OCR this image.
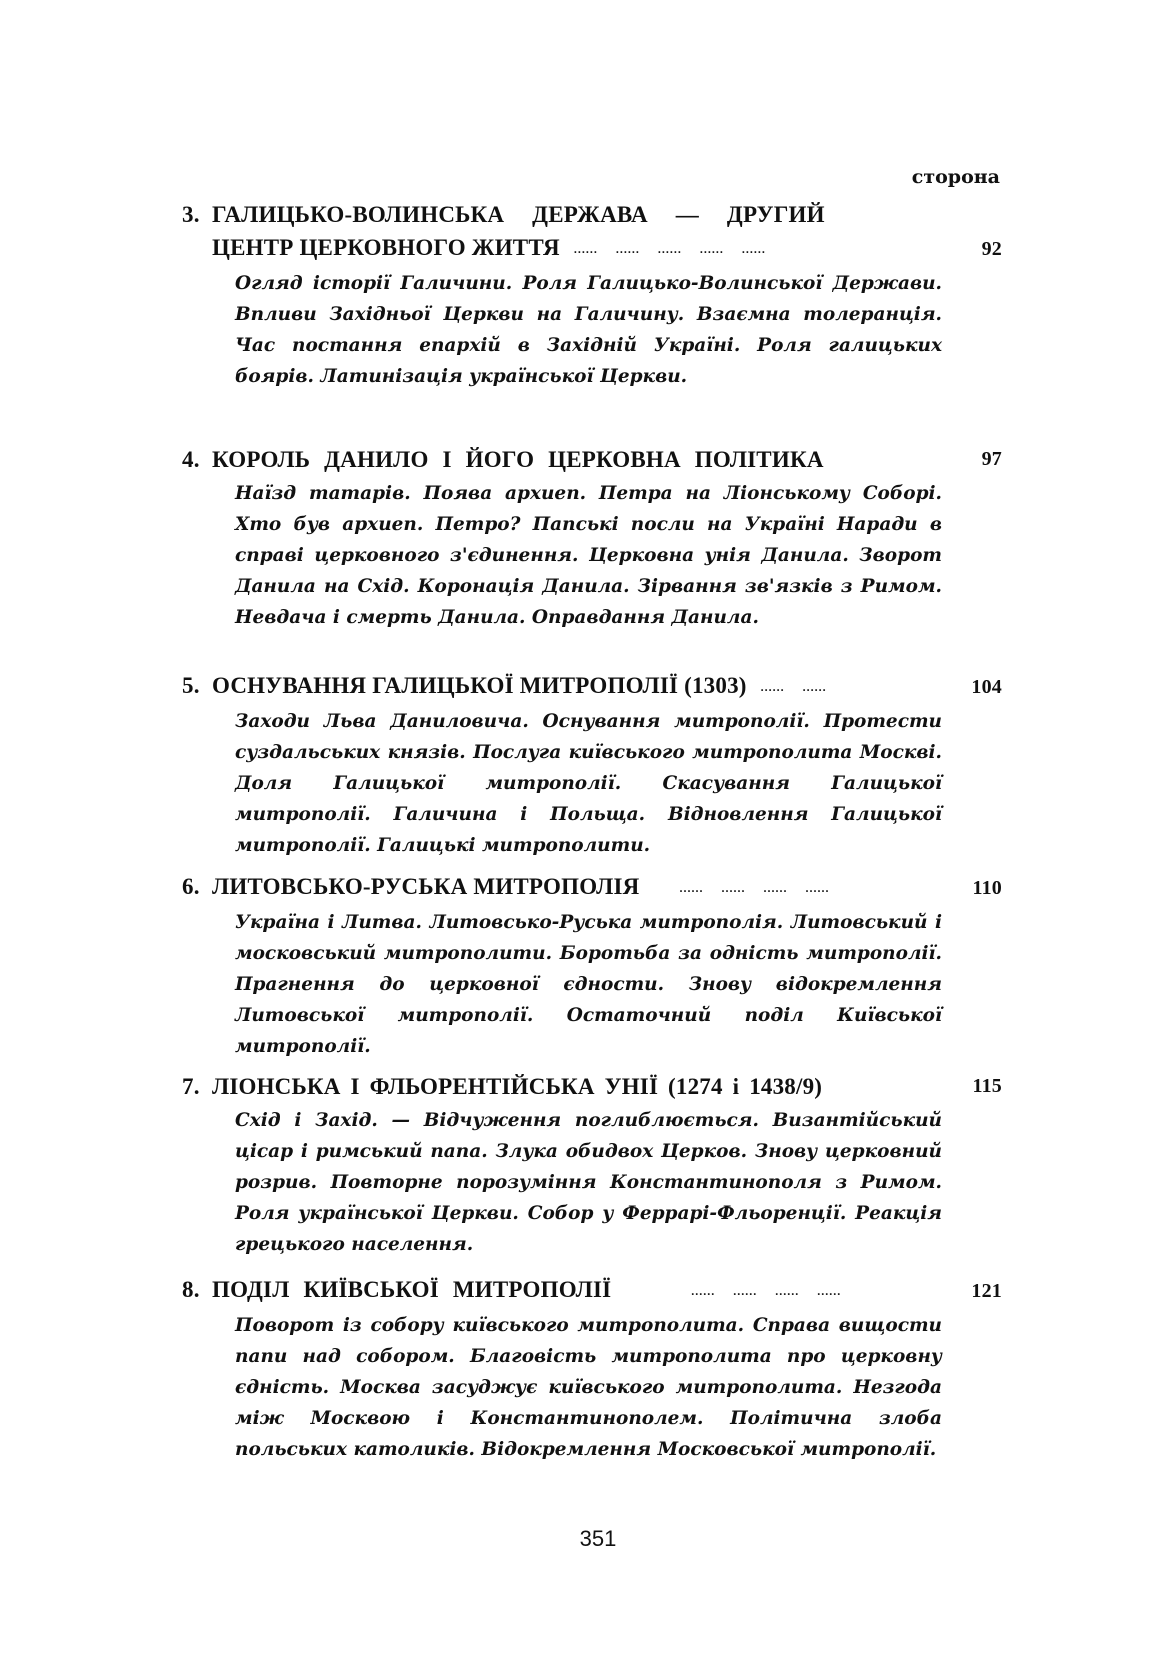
сторона
3. ГАЛИЦЬКО-ВОЛИНСЬКА ДЕРЖАВА — ДРУГИЙ
ЦЕНТР ЦЕРКОВНОГО ЖИТТЯ ...... ...... ...... ...... ......	92
Огляд історії Галичини. Роля Галицько-Волинської Держави. Впливи Західньої Церкви на Галичину. Взаємна толеранція. Час постання епархій в Західній Україні. Роля галицьких боярів. Латинізація української Церкви.
4. КОРОЛЬ ДАНИЛО І ЙОГО ЦЕРКОВНА ПОЛІТИКА	97
Наїзд татарів. Поява архиеп. Петра на Ліонському Соборі. Хто був архиеп. Петро? Папські посли на Україні Наради в справі церковного з'єдинення. Церковна унія Данила. Зворот Данила на Схід. Коронація Данила. Зірвання зв'язків з Римом. Невдача і смерть Данила. Оправдання Данила.
5. ОСНУВАННЯ ГАЛИЦЬКОЇ МИТРОПОЛІЇ (1303) ...... ......	104
Заходи Льва Даниловича. Оснування митрополії. Протести суздальських князів. Послуга київського митрополита Москві. Доля Галицької митрополії. Скасування Галицької митрополії. Галичина і Польща. Відновлення Галицької митрополії. Галицькі митрополити.
6. ЛИТОВСЬКО-РУСЬКА МИТРОПОЛІЯ	...... ...... ...... ......	110
Україна і Литва. Литовсько-Руська митрополія. Литовський і московський митрополити. Боротьба за одність митрополії. Прагнення до церковної єдности. Знову відокремлення Литовської митрополії. Остаточний поділ Київської митрополії.
7. ЛІОНСЬКА І ФЛЬОРЕНТІЙСЬКА УНІЇ (1274 і 1438/9)	115
Схід і Захід. — Відчуження поглиблюється. Византійський цісар і римський папа. Злука обидвох Церков. Знову церковний розрив. Повторне порозуміння Константинополя з Римом. Роля української Церкви. Собор у Феррарі-Фльоренції. Реакція грецького населення.
8. ПОДІЛ КИЇВСЬКОЇ МИТРОПОЛІЇ	...... ...... ...... ......	121
Поворот із собору київського митрополита. Справа вищости папи над собором. Благовість митрополита про церковну єдність. Москва засуджує київського митрополита. Незгода між Москвою і Константинополем. Політична злоба польських католиків. Відокремлення Московської митрополії.
351
